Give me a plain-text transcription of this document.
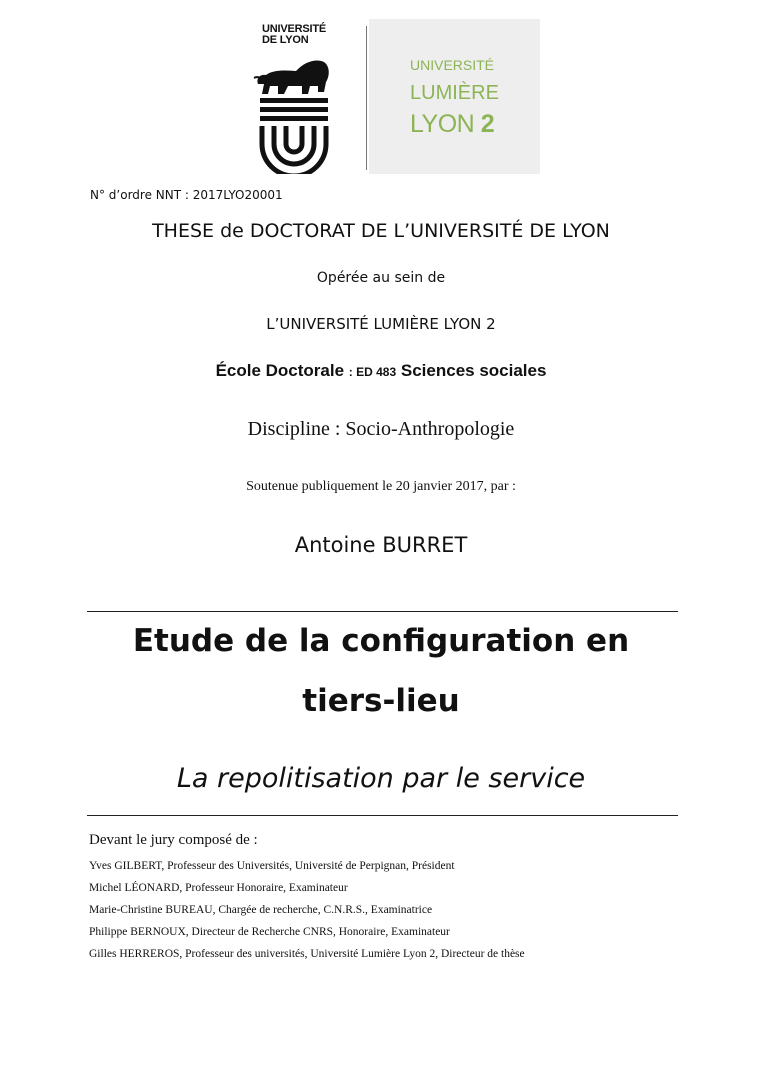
UNIVERSITÉ
DE LYON
UNIVERSITÉ
LUMIÈRE
LYON 2
N° d’ordre NNT : 2017LYO20001
THESE de DOCTORAT DE L’UNIVERSITÉ DE LYON
Opérée au sein de
L’UNIVERSITÉ LUMIÈRE LYON 2
École Doctorale : ED 483 Sciences sociales
Discipline : Socio-Anthropologie
Soutenue publiquement le 20 janvier 2017, par :
Antoine BURRET
Etude de la configuration en
tiers-lieu
La repolitisation par le service
Devant le jury composé de :
Yves GILBERT, Professeur des Universités, Université de Perpignan, Président
Michel LÉONARD, Professeur Honoraire, Examinateur
Marie-Christine BUREAU, Chargée de recherche, C.N.R.S., Examinatrice
Philippe BERNOUX, Directeur de Recherche CNRS, Honoraire, Examinateur
Gilles HERREROS, Professeur des universités, Université Lumière Lyon 2, Directeur de thèse
